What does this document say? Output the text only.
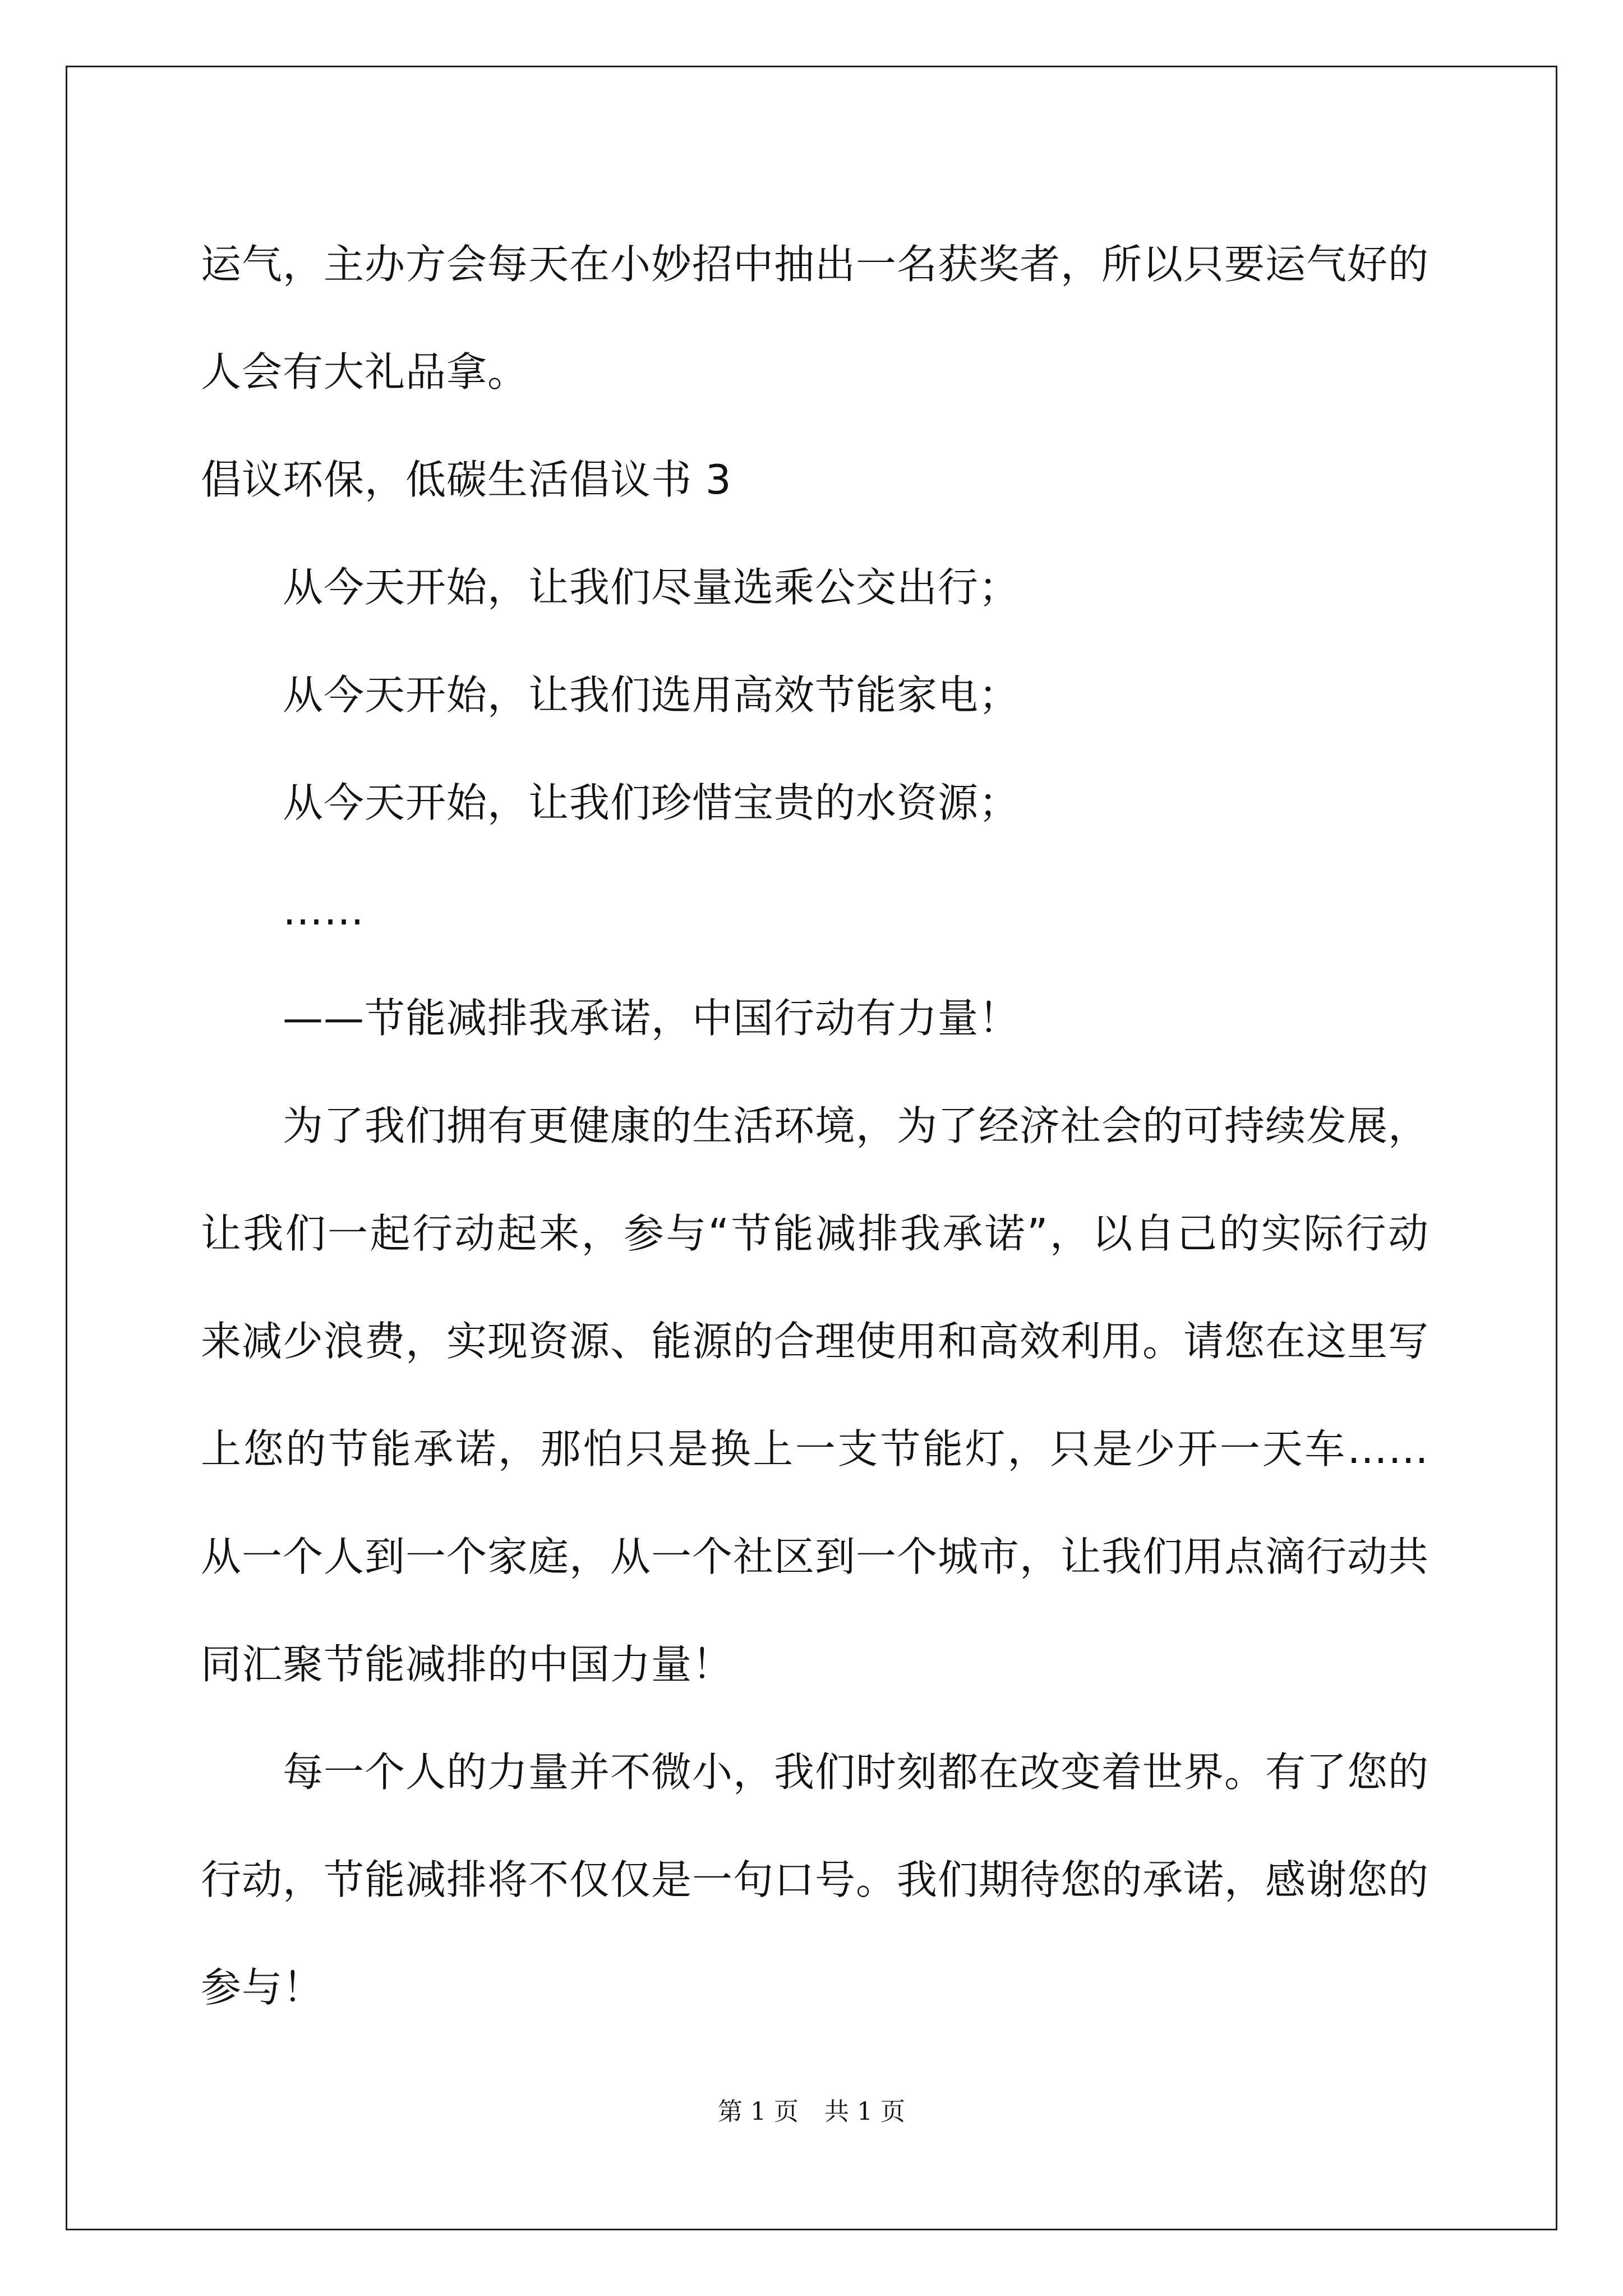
运气，主办方会每天在小妙招中抽出一名获奖者，所以只要运气好的人会有大礼品拿。

倡议环保，低碳生活倡议书 3

从今天开始，让我们尽量选乘公交出行；

从今天开始，让我们选用高效节能家电；

从今天开始，让我们珍惜宝贵的水资源；

……

——节能减排我承诺，中国行动有力量！

为了我们拥有更健康的生活环境，为了经济社会的可持续发展，让我们一起行动起来，参与“节能减排我承诺”，以自己的实际行动来减少浪费，实现资源、能源的合理使用和高效利用。请您在这里写上您的节能承诺，那怕只是换上一支节能灯，只是少开一天车…… 从一个人到一个家庭，从一个社区到一个城市，让我们用点滴行动共同汇聚节能减排的中国力量！

每一个人的力量并不微小，我们时刻都在改变着世界。有了您的行动，节能减排将不仅仅是一句口号。我们期待您的承诺，感谢您的参与！

第 1 页 共 1 页
